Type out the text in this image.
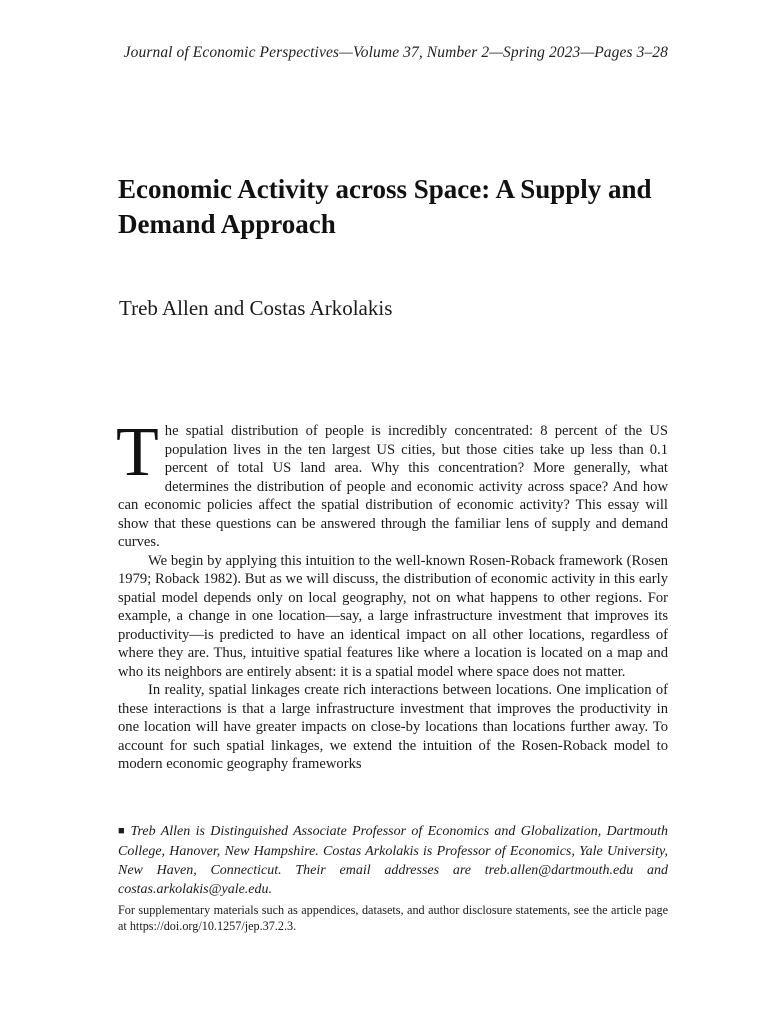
Journal of Economic Perspectives—Volume 37, Number 2—Spring 2023—Pages 3–28
Economic Activity across Space: A Supply and Demand Approach
Treb Allen and Costas Arkolakis

The spatial distribution of people is incredibly concentrated: 8 percent of the US population lives in the ten largest US cities, but those cities take up less than 0.1 percent of total US land area. Why this concentration? More generally, what determines the distribution of people and economic activity across space? And how can economic policies affect the spatial distribution of economic activity? This essay will show that these questions can be answered through the familiar lens of supply and demand curves.

We begin by applying this intuition to the well-known Rosen-Roback framework (Rosen 1979; Roback 1982). But as we will discuss, the distribution of economic activity in this early spatial model depends only on local geography, not on what happens to other regions. For example, a change in one location—say, a large infrastructure investment that improves its productivity—is predicted to have an identical impact on all other locations, regardless of where they are. Thus, intuitive spatial features like where a location is located on a map and who its neighbors are entirely absent: it is a spatial model where space does not matter.

In reality, spatial linkages create rich interactions between locations. One implication of these interactions is that a large infrastructure investment that improves the productivity in one location will have greater impacts on close-by locations than locations further away. To account for such spatial linkages, we extend the intuition of the Rosen-Roback model to modern economic geography frameworks

■ Treb Allen is Distinguished Associate Professor of Economics and Globalization, Dartmouth College, Hanover, New Hampshire. Costas Arkolakis is Professor of Economics, Yale University, New Haven, Connecticut. Their email addresses are treb.allen@dartmouth.edu and costas.arkolakis@yale.edu.
For supplementary materials such as appendices, datasets, and author disclosure statements, see the article page at https://doi.org/10.1257/jep.37.2.3.
